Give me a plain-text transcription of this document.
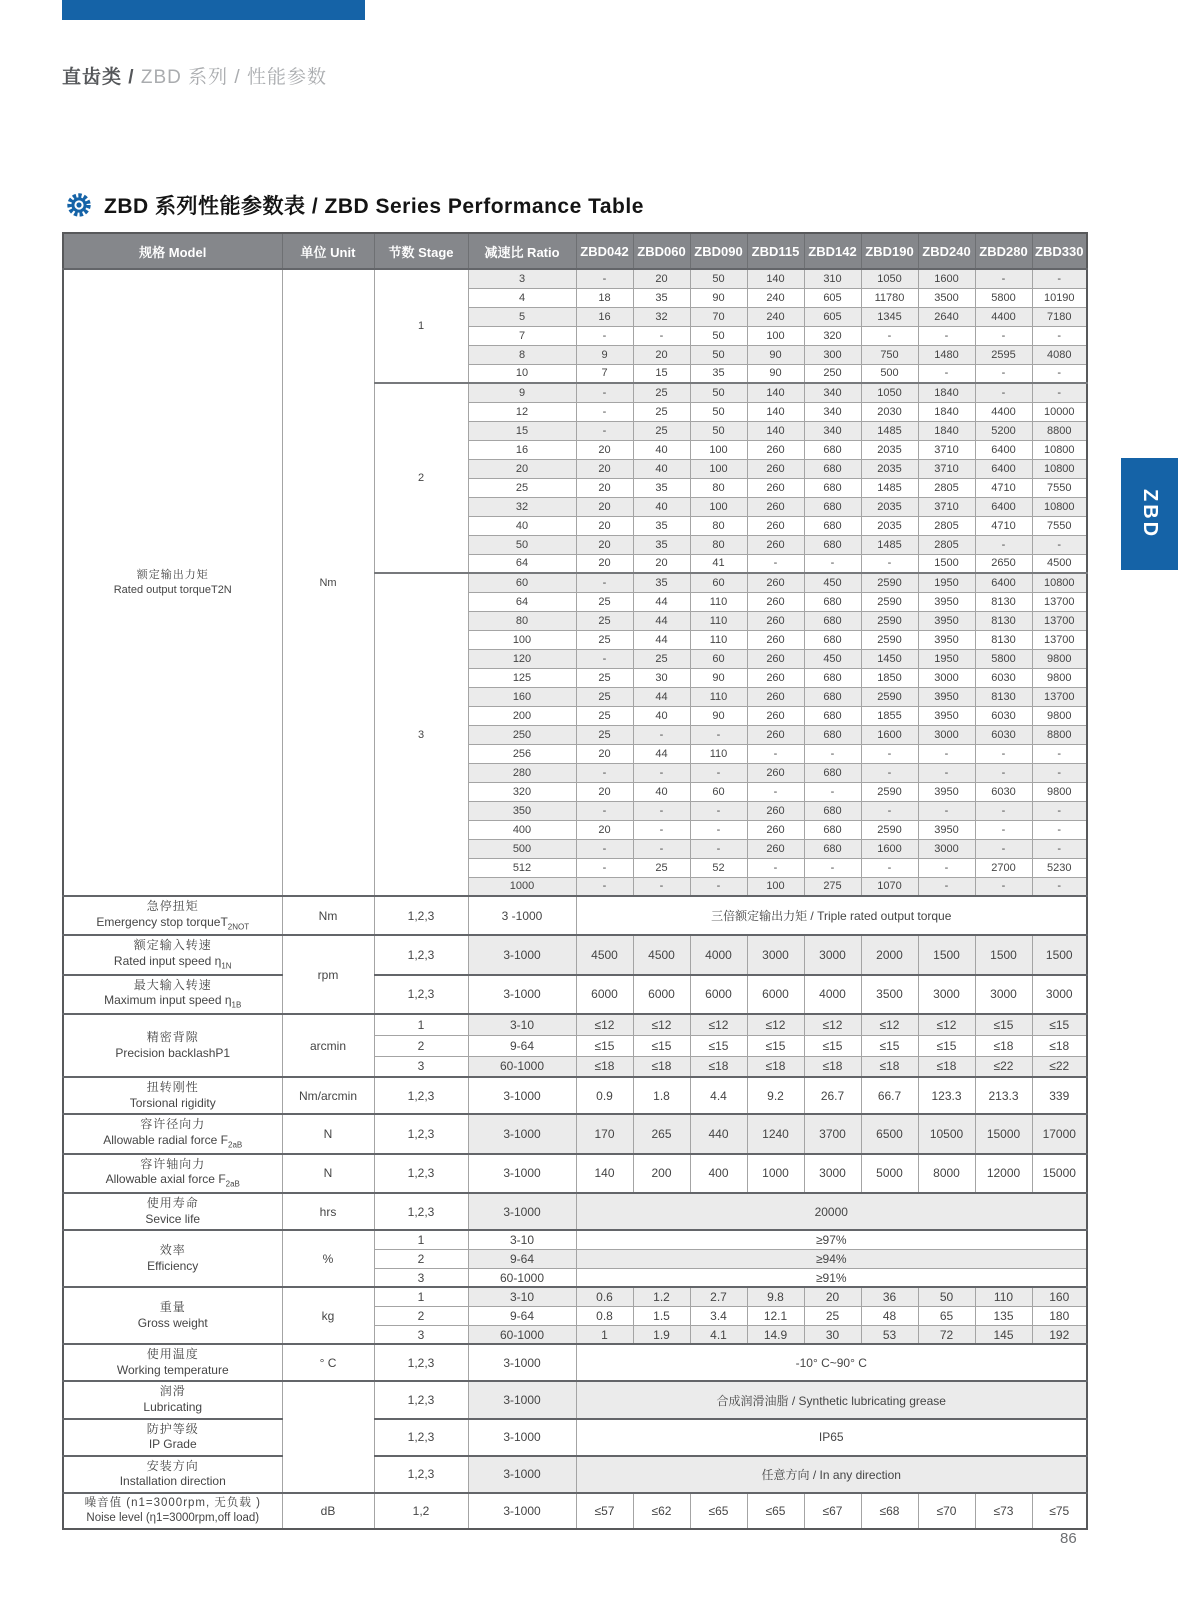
直齿类 / ZBD 系列 / 性能参数
ZBD 系列性能参数表 / ZBD Series Performance Table
规格 Model	单位 Unit	节数 Stage	减速比 Ratio	ZBD042	ZBD060	ZBD090	ZBD115	ZBD142	ZBD190	ZBD240	ZBD280	ZBD330

额定输出力矩
Rated output torqueT2N	Nm	1	3	-	20	50	140	310	1050	1600	-	-
			4	18	35	90	240	605	11780	3500	5800	10190
			5	16	32	70	240	605	1345	2640	4400	7180
			7	-	-	50	100	320	-	-	-	-
			8	9	20	50	90	300	750	1480	2595	4080
			10	7	15	35	90	250	500	-	-	-
		2	9	-	25	50	140	340	1050	1840	-	-
			12	-	25	50	140	340	2030	1840	4400	10000
			15	-	25	50	140	340	1485	1840	5200	8800
			16	20	40	100	260	680	2035	3710	6400	10800
			20	20	40	100	260	680	2035	3710	6400	10800
			25	20	35	80	260	680	1485	2805	4710	7550
			32	20	40	100	260	680	2035	3710	6400	10800
			40	20	35	80	260	680	2035	2805	4710	7550
			50	20	35	80	260	680	1485	2805	-	-
			64	20	20	41	-	-	-	1500	2650	4500
		3	60	-	35	60	260	450	2590	1950	6400	10800
			64	25	44	110	260	680	2590	3950	8130	13700
			80	25	44	110	260	680	2590	3950	8130	13700
			100	25	44	110	260	680	2590	3950	8130	13700
			120	-	25	60	260	450	1450	1950	5800	9800
			125	25	30	90	260	680	1850	3000	6030	9800
			160	25	44	110	260	680	2590	3950	8130	13700
			200	25	40	90	260	680	1855	3950	6030	9800
			250	25	-	-	260	680	1600	3000	6030	8800
			256	20	44	110	-	-	-	-	-	-
			280	-	-	-	260	680	-	-	-	-
			320	20	40	60	-	-	2590	3950	6030	9800
			350	-	-	-	260	680	-	-	-	-
			400	20	-	-	260	680	2590	3950	-	-
			500	-	-	-	260	680	1600	3000	-	-
			512	-	25	52	-	-	-	-	2700	5230
			1000	-	-	-	100	275	1070	-	-	-

急停扭矩
Emergency stop torqueT$_{2NOT}$	Nm	1,2,3	3 -1000	三倍额定输出力矩 / Triple rated output torque								

额定输入转速
Rated input speed $\eta_{1N}$	rpm	1,2,3	3-1000	4500	4500	4000	3000	3000	2000	1500	1500	1500

最大输入转速
Maximum input speed $\eta_{1B}$		1,2,3	3-1000	6000	6000	6000	6000	4000	3500	3000	3000	3000

精密背隙
Precision backlashP1	arcmin	1	3-10	≤12	≤12	≤12	≤12	≤12	≤12	≤12	≤15	≤15
		2	9-64	≤15	≤15	≤15	≤15	≤15	≤15	≤15	≤18	≤18
		3	60-1000	≤18	≤18	≤18	≤18	≤18	≤18	≤18	≤22	≤22

扭转刚性
Torsional rigidity	Nm/arcmin	1,2,3	3-1000	0.9	1.8	4.4	9.2	26.7	66.7	123.3	213.3	339

容许径向力
Allowable radial force $F_{2aB}$	N	1,2,3	3-1000	170	265	440	1240	3700	6500	10500	15000	17000

容许轴向力
Allowable axial force $F_{2aB}$	N	1,2,3	3-1000	140	200	400	1000	3000	5000	8000	12000	15000

使用寿命
Sevice life	hrs	1,2,3	3-1000	20000								

效率
Efficiency	%	1	3-10	≥97%								
		2	9-64	≥94%								
		3	60-1000	≥91%								

重量
Gross weight	kg	1	3-10	0.6	1.2	2.7	9.8	20	36	50	110	160
		2	9-64	0.8	1.5	3.4	12.1	25	48	65	135	180
		3	60-1000	1	1.9	4.1	14.9	30	53	72	145	192

使用温度
Working temperature	° C	1,2,3	3-1000	-10° C~90° C								

润滑
Lubricating		1,2,3	3-1000	合成润滑油脂 / Synthetic lubricating grease								

防护等级
IP Grade		1,2,3	3-1000	IP65								

安装方向
Installation direction		1,2,3	3-1000	任意方向 / In any direction								

噪音值 (n1=3000rpm, 无负载 )
Noise level (η1=3000rpm,off load)	dB	1,2	3-1000	≤57	≤62	≤65	≤65	≤67	≤68	≤70	≤73	≤75
ZBD
86
